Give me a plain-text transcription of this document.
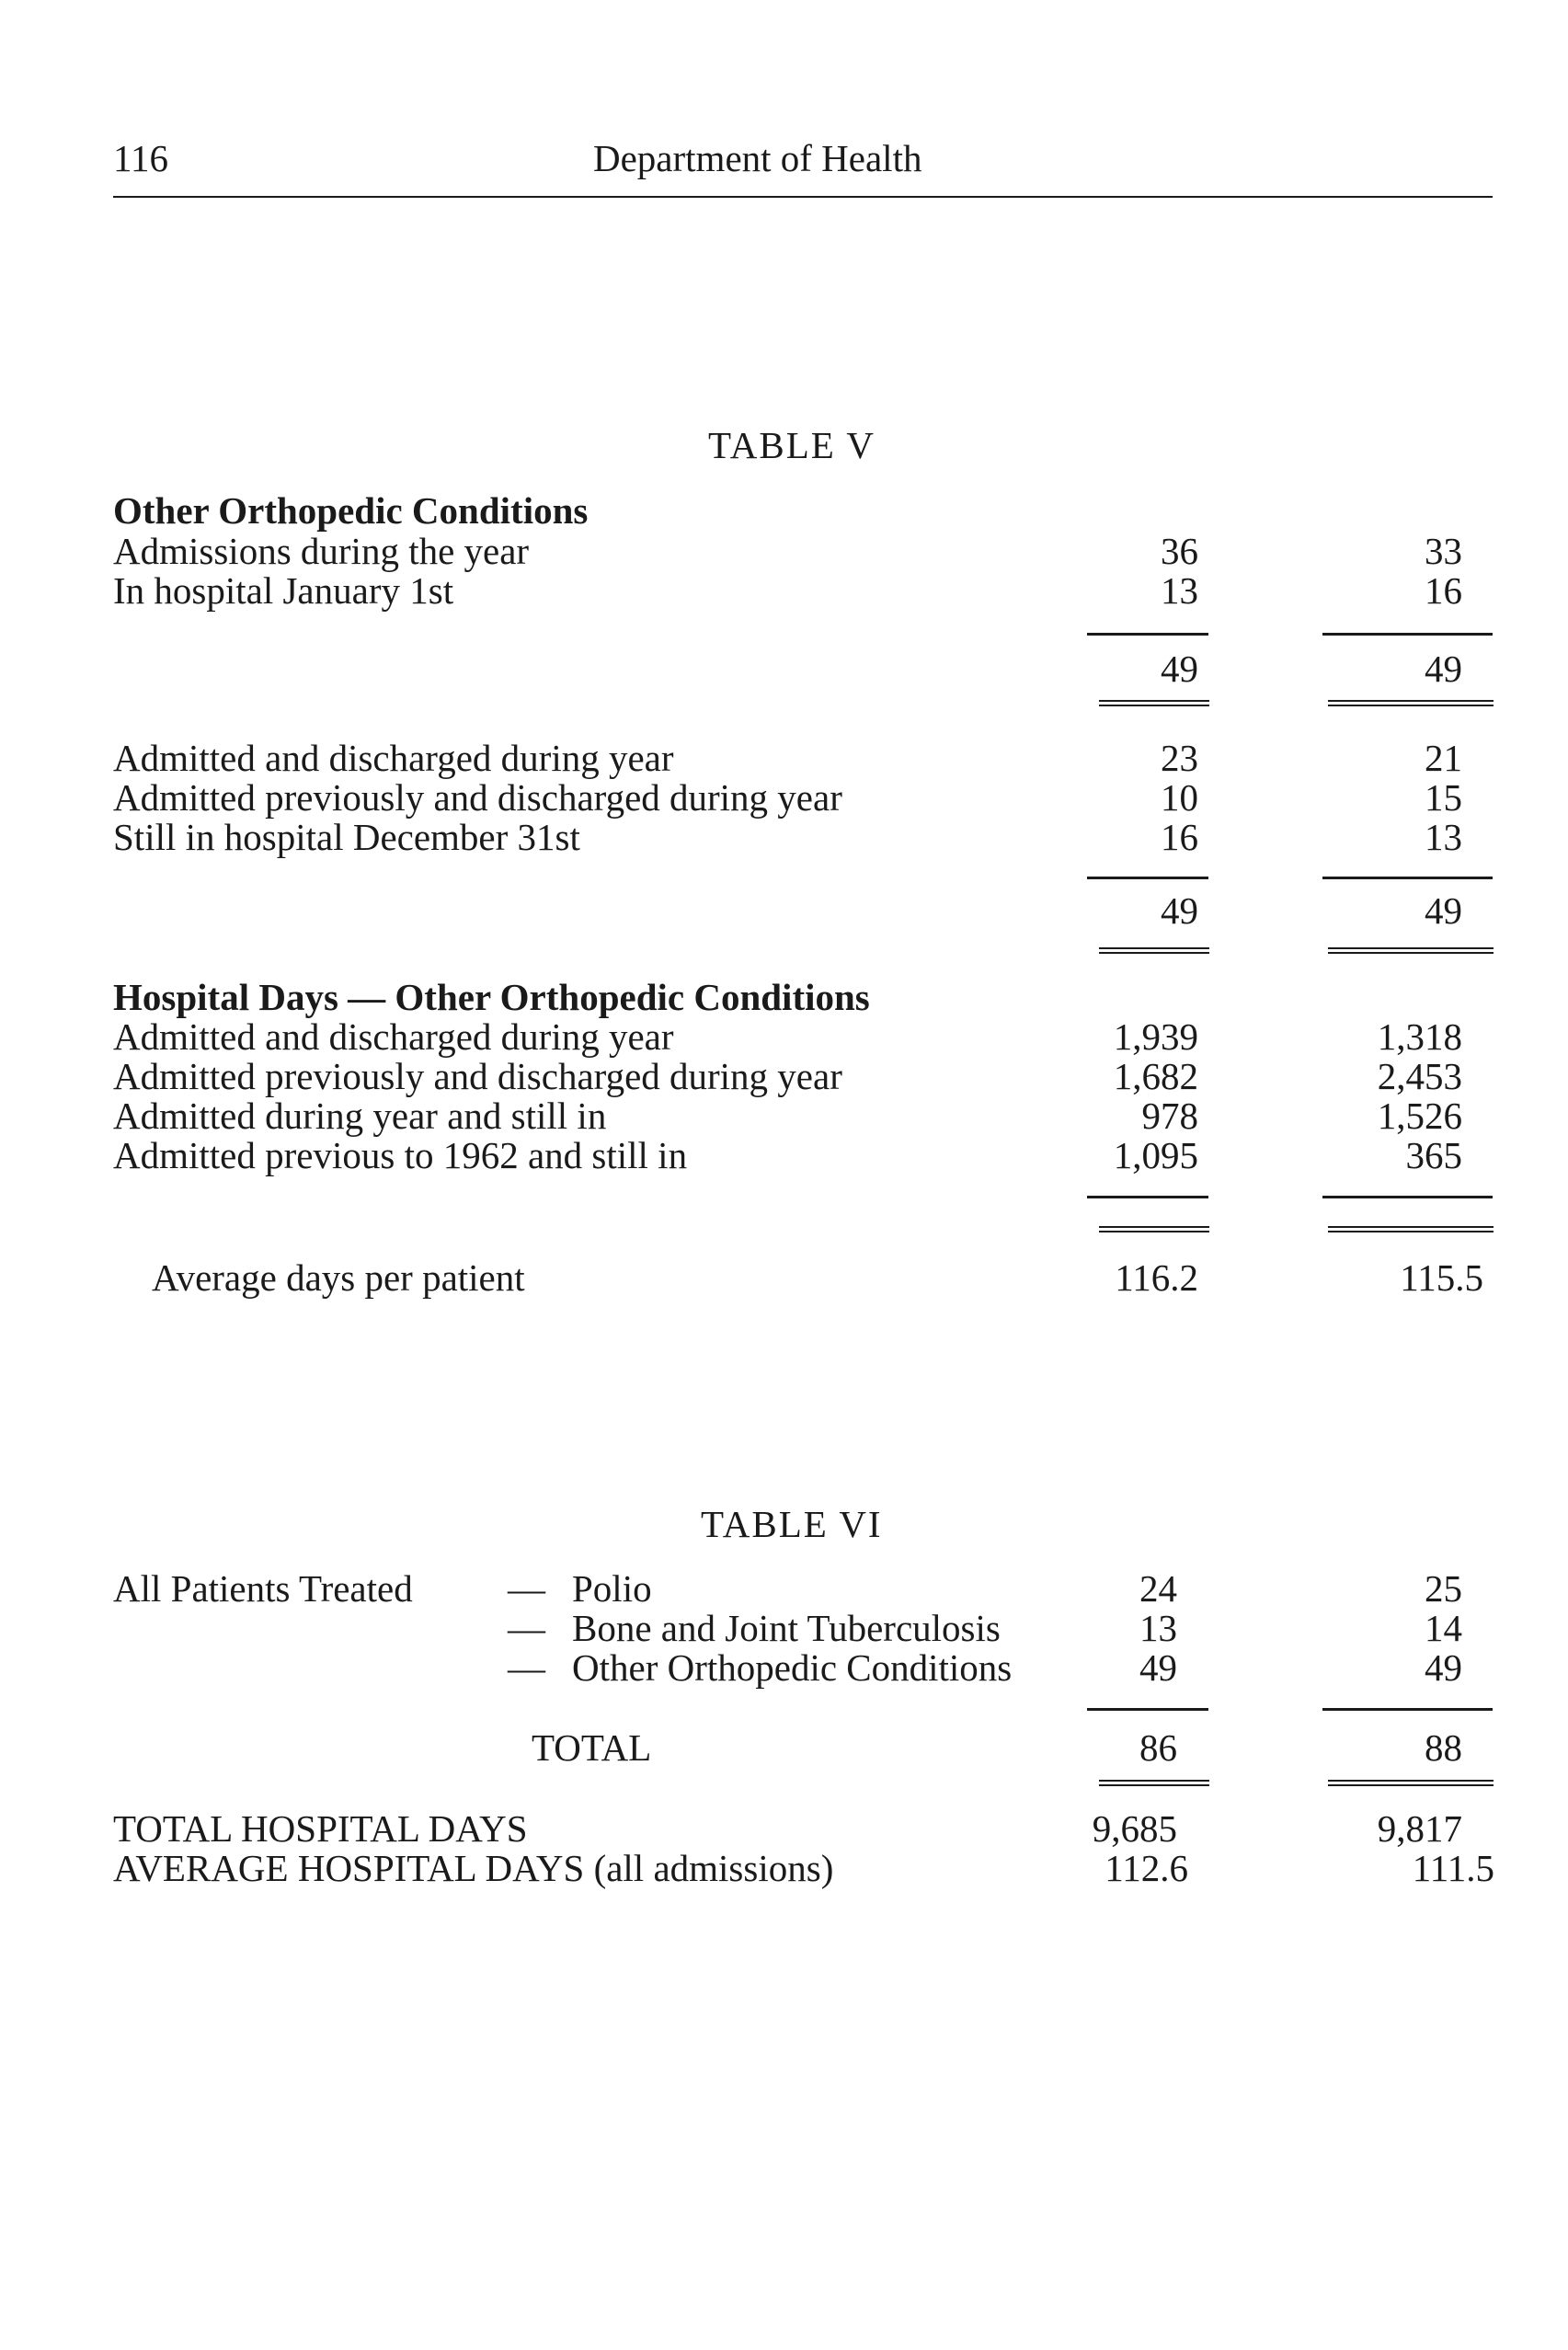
116	Department of Health
TABLE V
Other Orthopedic Conditions
Admissions during the year	36	33
In hospital January 1st	13	16
49	49
Admitted and discharged during year	23	21
Admitted previously and discharged during year	10	15
Still in hospital December 31st	16	13
49	49
Hospital Days — Other Orthopedic Conditions
Admitted and discharged during year	1,939	1,318
Admitted previously and discharged during year	1,682	2,453
Admitted during year and still in	978	1,526
Admitted previous to 1962 and still in	1,095	365
Average days per patient	116.2	115.5
TABLE VI
All Patients Treated	— Polio	24	25
— Bone and Joint Tuberculosis	13	14
— Other Orthopedic Conditions	49	49
TOTAL	86	88
TOTAL HOSPITAL DAYS	9,685	9,817
AVERAGE HOSPITAL DAYS (all admissions)	112.6	111.5
